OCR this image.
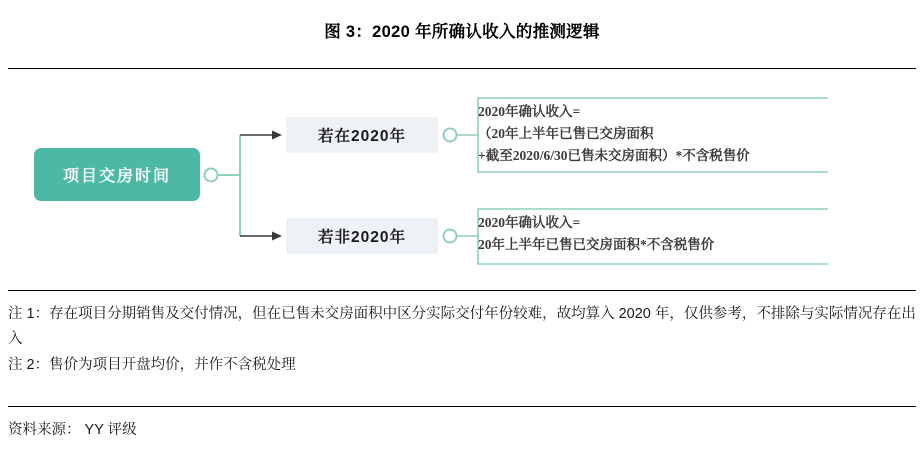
图 3：2020 年所确认收入的推测逻辑
项目交房时间
若在2020年
若非2020年
2020年确认收入=
（20年上半年已售已交房面积
+截至2020/6/30已售未交房面积）*不含税售价
2020年确认收入=
20年上半年已售已交房面积*不含税售价
注 1：存在项目分期销售及交付情况，但在已售未交房面积中区分实际交付年份较难，故均算入 2020 年，仅供参考，不排除与实际情况存在出入
注 2：售价为项目开盘均价，并作不含税处理
资料来源： YY 评级
